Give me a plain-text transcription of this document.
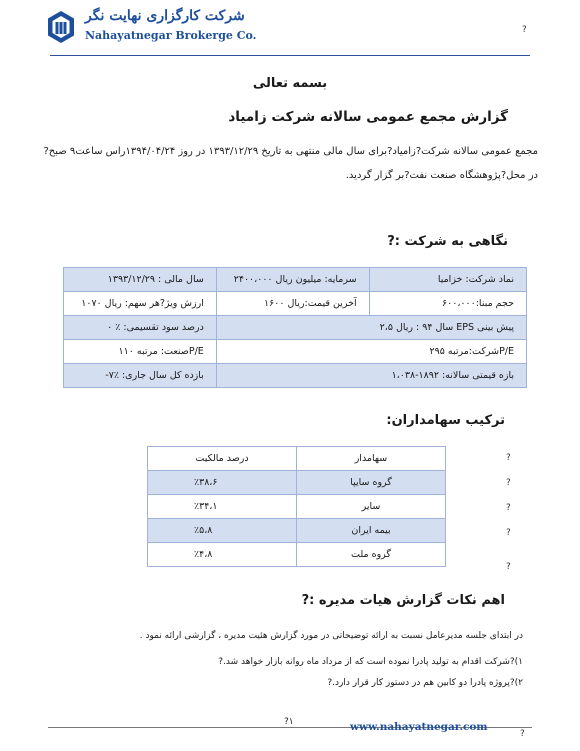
شرکت کارگزاری نهایت نگر
Nahayatnegar Brokerge Co.	?
بسمه تعالی
گزارش مجمع عمومی سالانه شرکت زامیاد
مجمع عمومی سالانه شرکت?زامیاد?برای سال مالی منتهی به تاریخ ۱۳۹۳/۱۲/۲۹ در روز ۱۳۹۴/۰۴/۲۴راس ساعت۹ صبح?
در محل?پژوهشگاه صنعت نفت?بر گزار گردید.
نگاهی به شرکت :?
نماد شرکت: خزامیا	سرمایه: میلیون ریال ۲۴۰۰،۰۰۰	سال مالی : ۱۳۹۳/۱۲/۲۹
حجم مبنا:۶۰۰،۰۰۰	آخرین قیمت:ریال ۱۶۰۰	ارزش ویژ?هر سهم: ریال ۱۰۷۰
پیش بینی EPS سال ۹۴ : ریال ۲،۵		درصد سود تقسیمی: ٪ ۰
P/Eشرکت:مرتبه ۲۹۵		P/Eصنعت: مرتبه ۱۱۰
بازه قیمتی سالانه: ۱۸۹۲-۱،۰۳۸		بازده کل سال جاری: ٪۷-
ترکیب سهامداران:
سهامدار	درصد مالکیت
گروه سایپا	٪۳۸،۶
سایر	٪۳۴،۱
بیمه ایران	٪۵،۸
گروه ملت	٪۴،۸
?
?
?
?
?
اهم نکات گزارش هیات مدیره :?
در ابتدای جلسه مدیرعامل نسبت به ارائه توضیحاتی در مورد گزارش هئیت مدیره ، گزارشی ارائه نمود .
۱)?شرکت اقدام به تولید پادرا نموده است که از مرداد ماه روانه بازار خواهد شد.?
۲)?پروژه پادرا دو کابین هم در دستور کار قرار دارد.?
?۱	www.nahayatnegar.com
?
